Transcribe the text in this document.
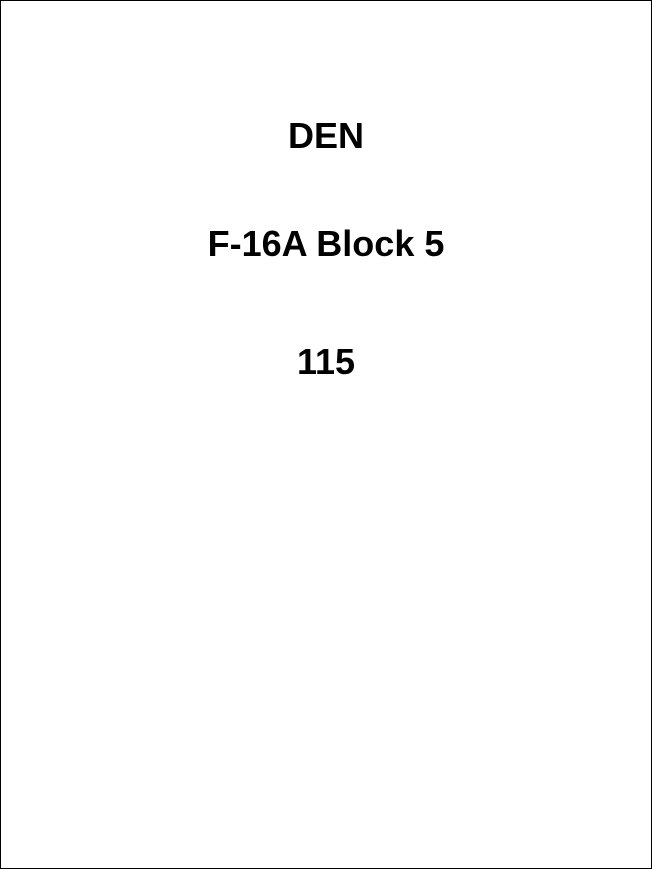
DEN

F-16A Block 5

115
